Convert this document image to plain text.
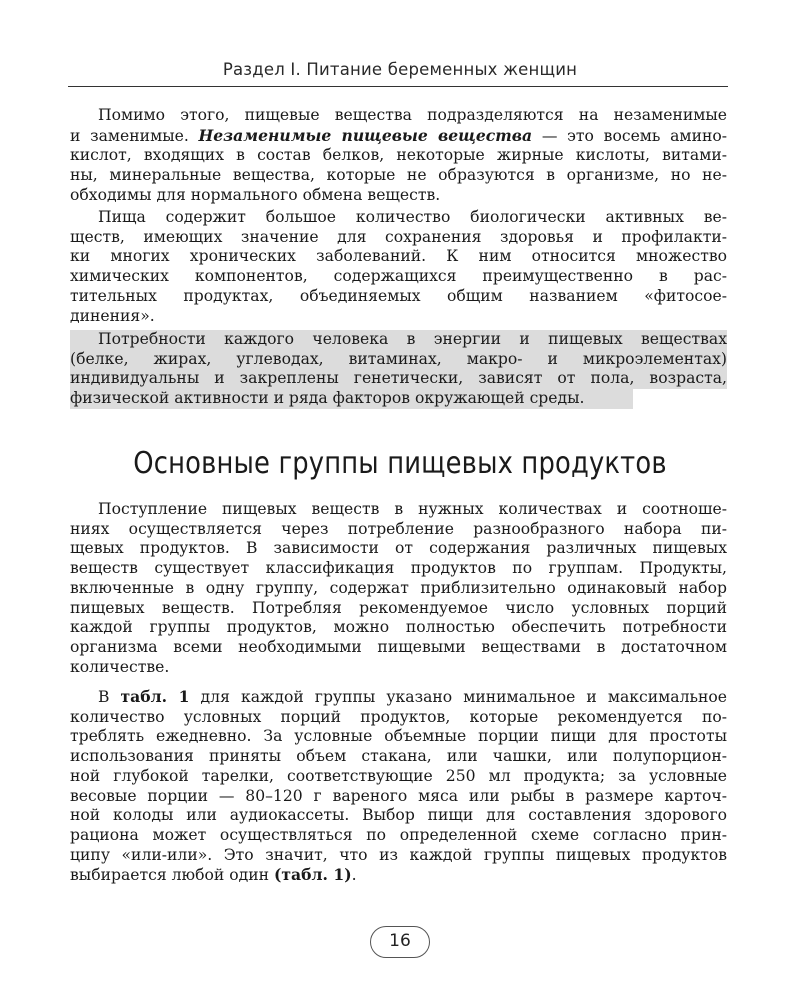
Раздел I. Питание беременных женщин

Помимо этого, пищевые вещества подразделяются на незаменимые
и заменимые. Незаменимые пищевые вещества — это восемь амино-
кислот, входящих в состав белков, некоторые жирные кислоты, витами-
ны, минеральные вещества, которые не образуются в организме, но не-
обходимы для нормального обмена веществ.

Пища содержит большое количество биологически активных ве-
ществ, имеющих значение для сохранения здоровья и профилакти-
ки многих хронических заболеваний. К ним относится множество
химических компонентов, содержащихся преимущественно в рас-
тительных продуктах, объединяемых общим названием «фитосое-
динения».

Потребности каждого человека в энергии и пищевых веществах
(белке, жирах, углеводах, витаминах, макро- и микроэлементах)
индивидуальны и закреплены генетически, зависят от пола, возраста,
физической активности и ряда факторов окружающей среды.

Основные группы пищевых продуктов

Поступление пищевых веществ в нужных количествах и соотноше-
ниях осуществляется через потребление разнообразного набора пи-
щевых продуктов. В зависимости от содержания различных пищевых
веществ существует классификация продуктов по группам. Продукты,
включенные в одну группу, содержат приблизительно одинаковый набор
пищевых веществ. Потребляя рекомендуемое число условных порций
каждой группы продуктов, можно полностью обеспечить потребности
организма всеми необходимыми пищевыми веществами в достаточном
количестве.

В табл. 1 для каждой группы указано минимальное и максимальное
количество условных порций продуктов, которые рекомендуется по-
треблять ежедневно. За условные объемные порции пищи для простоты
использования приняты объем стакана, или чашки, или полупорцион-
ной глубокой тарелки, соответствующие 250 мл продукта; за условные
весовые порции — 80–120 г вареного мяса или рыбы в размере карточ-
ной колоды или аудиокассеты. Выбор пищи для составления здорового
рациона может осуществляться по определенной схеме согласно прин-
ципу «или-или». Это значит, что из каждой группы пищевых продуктов
выбирается любой один (табл. 1).

16
